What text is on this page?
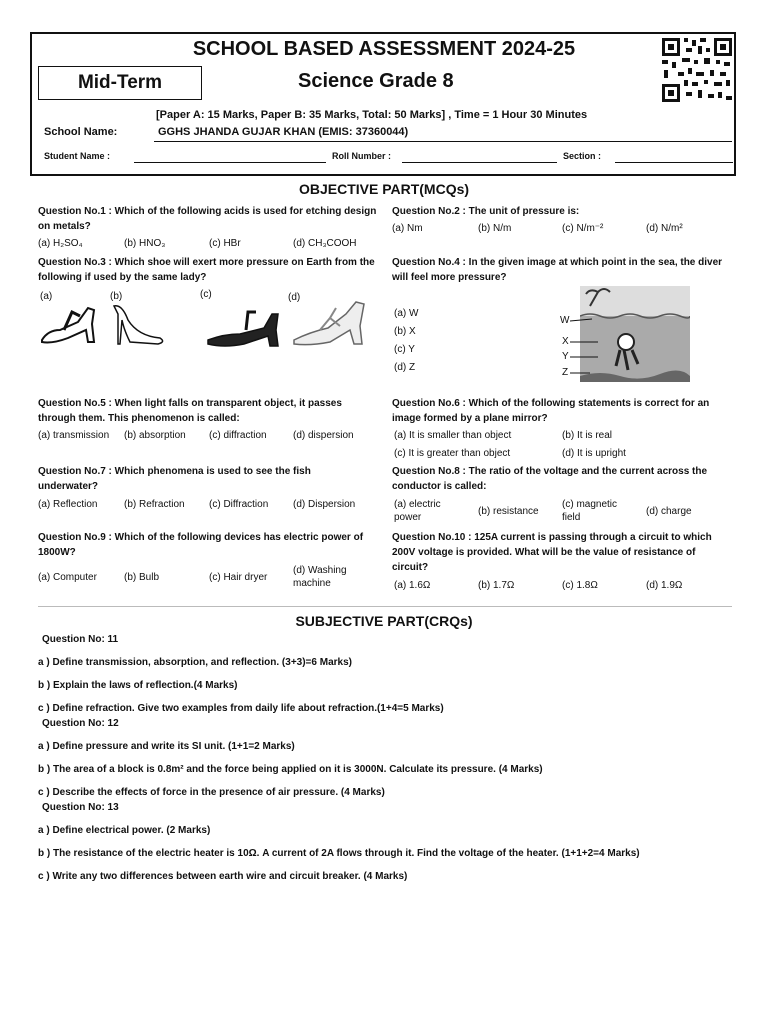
SCHOOL BASED ASSESSMENT 2024-25
Mid-Term	Science Grade 8
[Paper A: 15 Marks, Paper B: 35 Marks, Total: 50 Marks] , Time = 1 Hour 30 Minutes
School Name:	GGHS JHANDA GUJAR KHAN (EMIS: 37360044)
Student Name :	Roll Number :	Section :
OBJECTIVE PART(MCQs)
Question No.1 : Which of the following acids is used for etching design on metals?
(a) H₂SO₄	(b) HNO₃	(c) HBr	(d) CH₃COOH
Question No.2 : The unit of pressure is:
(a) Nm	(b) N/m	(c) N/m⁻²	(d) N/m²
Question No.3 : Which shoe will exert more pressure on Earth from the following if used by the same lady?
(a)	(b)	(c)	(d)
Question No.4 : In the given image at which point in the sea, the diver will feel more pressure?
(a) W
(b) X
(c) Y
(d) Z
W
X
Y
Z
Question No.5 : When light falls on transparent object, it passes through them. This phenomenon is called:
(a) transmission (b) absorption (c) diffraction	(d) dispersion
Question No.6 : Which of the following statements is correct for an image formed by a plane mirror?
(a) It is smaller than object	(b) It is real
(c) It is greater than object	(d) It is upright
Question No.7 : Which phenomena is used to see the fish underwater?
(a) Reflection	(b) Refraction (c) Diffraction (d) Dispersion
Question No.8 : The ratio of the voltage and the current across the conductor is called:
(a) electric power
(b) resistance
(c) magnetic field
(d) charge
Question No.9 : Which of the following devices has electric power of 1800W?
(a) Computer	(b) Bulb	(c) Hair dryer
(d) Washing machine
Question No.10 : 125A current is passing through a circuit to which 200V voltage is provided. What will be the value of resistance of circuit?
(a) 1.6Ω	(b) 1.7Ω	(c) 1.8Ω	(d) 1.9Ω
SUBJECTIVE PART(CRQs)
Question No: 11
a ) Define transmission, absorption, and reflection. (3+3)=6 Marks)
b ) Explain the laws of reflection.(4 Marks)
c ) Define refraction. Give two examples from daily life about refraction.(1+4=5 Marks)
Question No: 12
a ) Define pressure and write its SI unit. (1+1=2 Marks)
b ) The area of a block is 0.8m² and the force being applied on it is 3000N. Calculate its pressure. (4 Marks)
c ) Describe the effects of force in the presence of air pressure. (4 Marks)
Question No: 13
a ) Define electrical power. (2 Marks)
b ) The resistance of the electric heater is 10Ω. A current of 2A flows through it. Find the voltage of the heater. (1+1+2=4 Marks)
c ) Write any two differences between earth wire and circuit breaker. (4 Marks)
